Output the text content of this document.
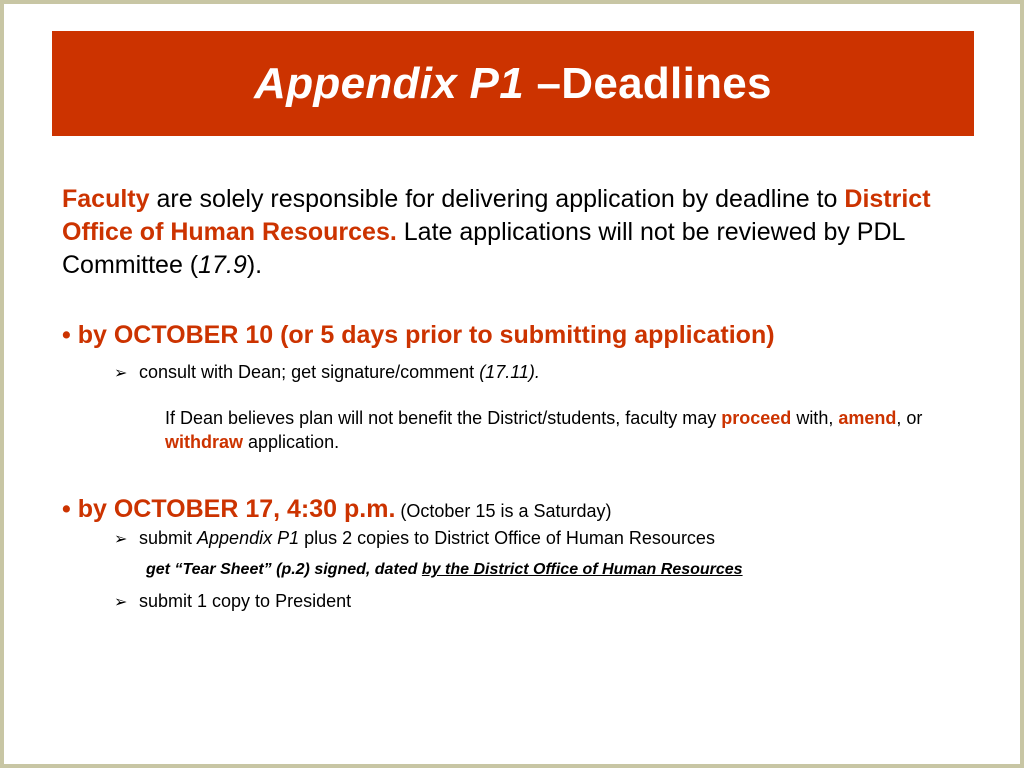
Appendix P1 –Deadlines
Faculty are solely responsible for delivering application by deadline to District Office of Human Resources. Late applications will not be reviewed by PDL Committee (17.9).
• by OCTOBER 10 (or 5 days prior to submitting application)
➢ consult with Dean; get signature/comment (17.11).
If Dean believes plan will not benefit the District/students, faculty may proceed with, amend, or withdraw application.
• by OCTOBER 17, 4:30 p.m. (October 15 is a Saturday)
➢ submit Appendix P1 plus 2 copies to District Office of Human Resources
get “Tear Sheet” (p.2) signed, dated by the District Office of Human Resources
➢ submit 1 copy to President
